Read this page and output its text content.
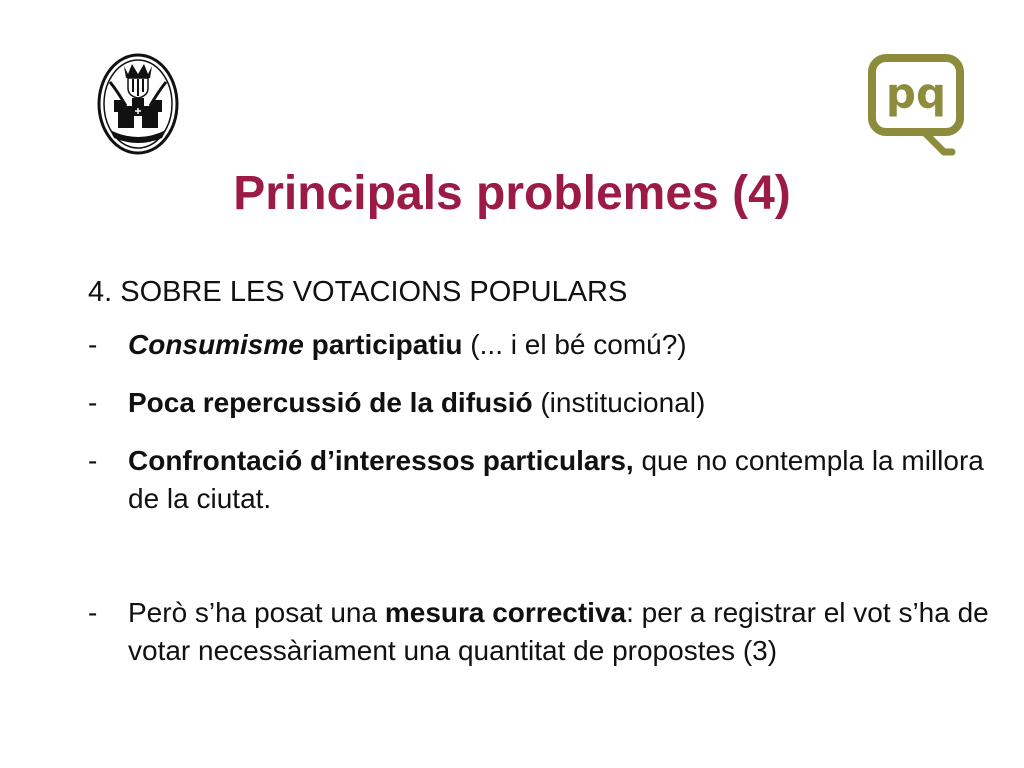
pq
Principals problemes (4)
4. SOBRE LES VOTACIONS POPULARS
- Consumisme participatiu (... i el bé comú?)
- Poca repercussió de la difusió (institucional)
- Confrontació d’interessos particulars, que no contempla la millora de la ciutat.
- Però s’ha posat una mesura correctiva: per a registrar el vot s’ha de votar necessàriament una quantitat de propostes (3)
